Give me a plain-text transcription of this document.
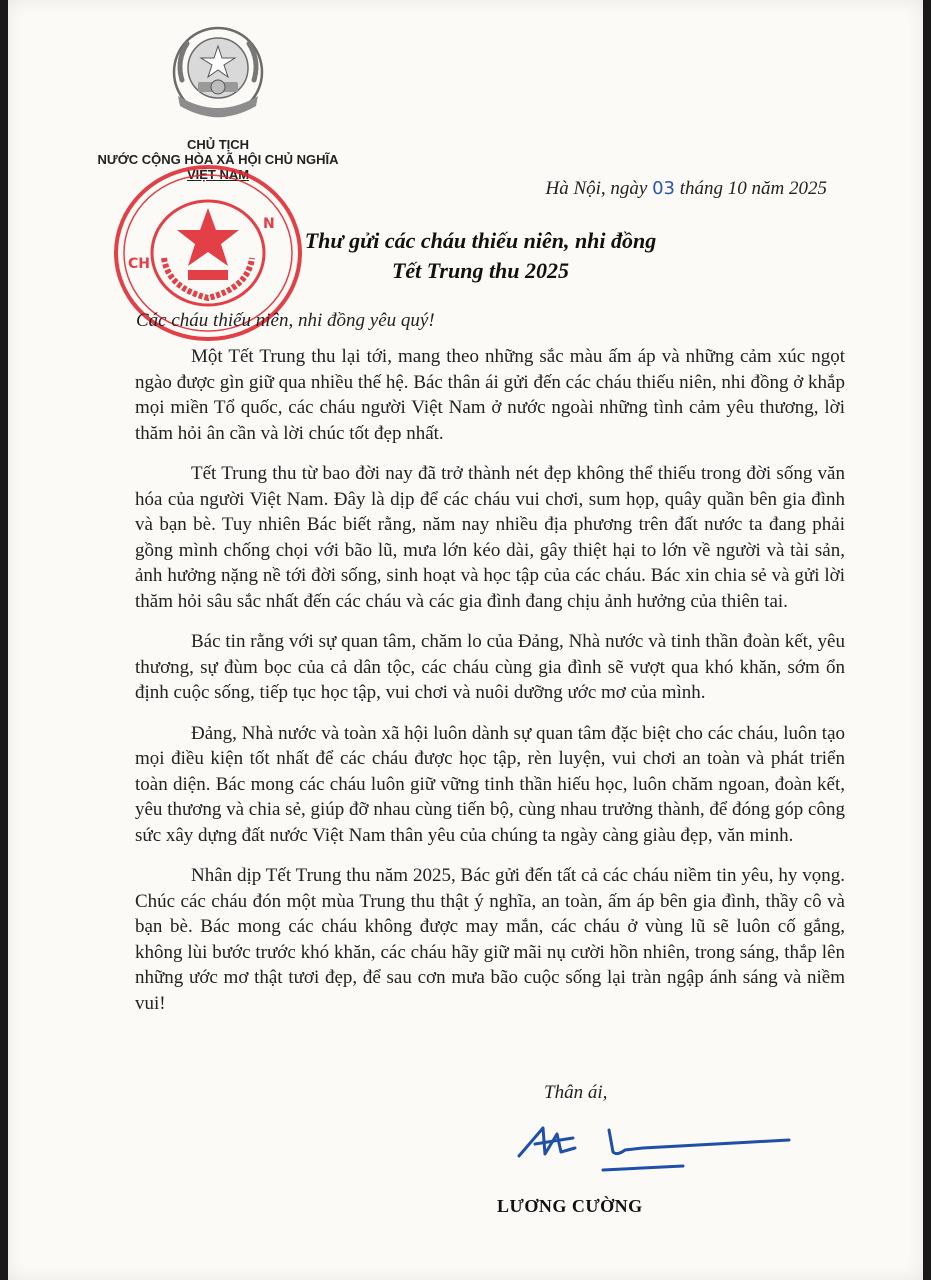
CHỦ TỊCH
NƯỚC CỘNG HÒA XÃ HỘI CHỦ NGHĨA
VIỆT NAM
CH
N
Hà Nội, ngày 03 tháng 10 năm 2025
Thư gửi các cháu thiếu niên, nhi đồng
Tết Trung thu 2025
Các cháu thiếu niên, nhi đồng yêu quý!

Một Tết Trung thu lại tới, mang theo những sắc màu ấm áp và những cảm xúc ngọt ngào được gìn giữ qua nhiều thế hệ. Bác thân ái gửi đến các cháu thiếu niên, nhi đồng ở khắp mọi miền Tổ quốc, các cháu người Việt Nam ở nước ngoài những tình cảm yêu thương, lời thăm hỏi ân cần và lời chúc tốt đẹp nhất.

Tết Trung thu từ bao đời nay đã trở thành nét đẹp không thể thiếu trong đời sống văn hóa của người Việt Nam. Đây là dịp để các cháu vui chơi, sum họp, quây quần bên gia đình và bạn bè. Tuy nhiên Bác biết rằng, năm nay nhiều địa phương trên đất nước ta đang phải gồng mình chống chọi với bão lũ, mưa lớn kéo dài, gây thiệt hại to lớn về người và tài sản, ảnh hưởng nặng nề tới đời sống, sinh hoạt và học tập của các cháu. Bác xin chia sẻ và gửi lời thăm hỏi sâu sắc nhất đến các cháu và các gia đình đang chịu ảnh hưởng của thiên tai.

Bác tin rằng với sự quan tâm, chăm lo của Đảng, Nhà nước và tinh thần đoàn kết, yêu thương, sự đùm bọc của cả dân tộc, các cháu cùng gia đình sẽ vượt qua khó khăn, sớm ổn định cuộc sống, tiếp tục học tập, vui chơi và nuôi dưỡng ước mơ của mình.

Đảng, Nhà nước và toàn xã hội luôn dành sự quan tâm đặc biệt cho các cháu, luôn tạo mọi điều kiện tốt nhất để các cháu được học tập, rèn luyện, vui chơi an toàn và phát triển toàn diện. Bác mong các cháu luôn giữ vững tinh thần hiếu học, luôn chăm ngoan, đoàn kết, yêu thương và chia sẻ, giúp đỡ nhau cùng tiến bộ, cùng nhau trưởng thành, để đóng góp công sức xây dựng đất nước Việt Nam thân yêu của chúng ta ngày càng giàu đẹp, văn minh.

Nhân dịp Tết Trung thu năm 2025, Bác gửi đến tất cả các cháu niềm tin yêu, hy vọng. Chúc các cháu đón một mùa Trung thu thật ý nghĩa, an toàn, ấm áp bên gia đình, thầy cô và bạn bè. Bác mong các cháu không được may mắn, các cháu ở vùng lũ sẽ luôn cố gắng, không lùi bước trước khó khăn, các cháu hãy giữ mãi nụ cười hồn nhiên, trong sáng, thắp lên những ước mơ thật tươi đẹp, để sau cơn mưa bão cuộc sống lại tràn ngập ánh sáng và niềm vui!

Thân ái,
LƯƠNG CƯỜNG
